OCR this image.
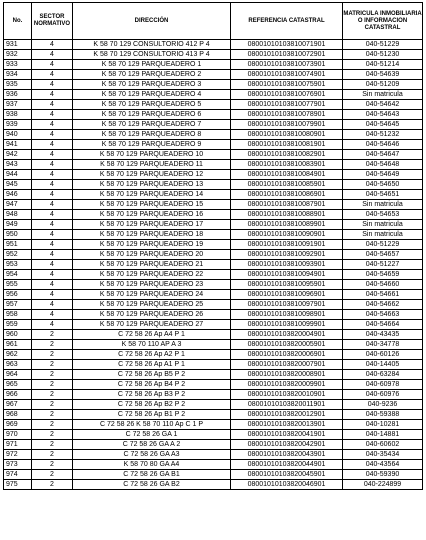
No.	SECTOR NORMATIVO	DIRECCIÓN	REFERENCIA CATASTRAL	MATRICULA INMOBILIARIA O INFORMACION CATASTRAL
931	4	K 58 70 129 CONSULTORIO 412 P 4	08001010103810071901	040-51229
932	4	K 58 70 129 CONSULTORIO 413 P 4	08001010103810072901	040-51230
933	4	K 58 70 129 PARQUEADERO 1	08001010103810073901	040-51214
934	4	K 58 70 129 PARQUEADERO 2	08001010103810074901	040-54639
935	4	K 58 70 129 PARQUEADERO 3	08001010103810075901	040-51209
936	4	K 58 70 129 PARQUEADERO 4	08001010103810076901	Sin matricula
937	4	K 58 70 129 PARQUEADERO 5	08001010103810077901	040-54642
938	4	K 58 70 129 PARQUEADERO 6	08001010103810078901	040-54643
939	4	K 58 70 129 PARQUEADERO 7	08001010103810079901	040-54645
940	4	K 58 70 129 PARQUEADERO 8	08001010103810080901	040-51232
941	4	K 58 70 129 PARQUEADERO 9	08001010103810081901	040-54646
942	4	K 58 70 129 PARQUEADERO 10	08001010103810082901	040-54647
943	4	K 58 70 129 PARQUEADERO 11	08001010103810083901	040-54648
944	4	K 58 70 129 PARQUEADERO 12	08001010103810084901	040-54649
945	4	K 58 70 129 PARQUEADERO 13	08001010103810085901	040-54650
946	4	K 58 70 129 PARQUEADERO 14	08001010103810086901	040-54651
947	4	K 58 70 129 PARQUEADERO 15	08001010103810087901	Sin matricula
948	4	K 58 70 129 PARQUEADERO 16	08001010103810088901	040-54653
949	4	K 58 70 129 PARQUEADERO 17	08001010103810089901	Sin matricula
950	4	K 58 70 129 PARQUEADERO 18	08001010103810090901	Sin matricula
951	4	K 58 70 129 PARQUEADERO 19	08001010103810091901	040-51229
952	4	K 58 70 129 PARQUEADERO 20	08001010103810092901	040-54657
953	4	K 58 70 129 PARQUEADERO 21	08001010103810093901	040-51227
954	4	K 58 70 129 PARQUEADERO 22	08001010103810094901	040-54659
955	4	K 58 70 129 PARQUEADERO 23	08001010103810095901	040-54660
956	4	K 58 70 129 PARQUEADERO 24	08001010103810096901	040-54661
957	4	K 58 70 129 PARQUEADERO 25	08001010103810097901	040-54662
958	4	K 58 70 129 PARQUEADERO 26	08001010103810098901	040-54663
959	4	K 58 70 129 PARQUEADERO 27	08001010103810099901	040-54664
960	2	C 72 58 26 Ap A4 P 1	08001010103820004901	040-43435
961	2	K 58 70 110 AP A 3	08001010103820005901	040-34778
962	2	C 72 58 26 Ap A2 P 1	08001010103820006901	040-60126
963	2	C 72 58 26 Ap A1 P 1	08001010103820007901	040-14405
964	2	C 72 58 26 Ap B5 P 2	08001010103820008901	040-63284
965	2	C 72 58 26 Ap B4 P 2	08001010103820009901	040-60978
966	2	C 72 58 26 Ap B3 P 2	08001010103820010901	040-60976
967	2	C 72 58 26 Ap B2 P 2	08001010103820011901	040-9236
968	2	C 72 58 26 Ap B1 P 2	08001010103820012901	040-59388
969	2	C 72 58 26 K 58 70 110 Ap C 1 P	08001010103820013901	040-10281
970	2	C 72 58 26 GA 1	08001010103820041901	040-14881
971	2	C 72 58 26 GA A 2	08001010103820042901	040-60602
972	2	C 72 58 26 GA A3	08001010103820043901	040-35434
973	2	K 58 70 80 GA A4	08001010103820044901	040-43564
974	2	C 72 58 26 GA B1	08001010103820045901	040-59390
975	2	C 72 58 26 GA B2	08001010103820046901	040-224899
